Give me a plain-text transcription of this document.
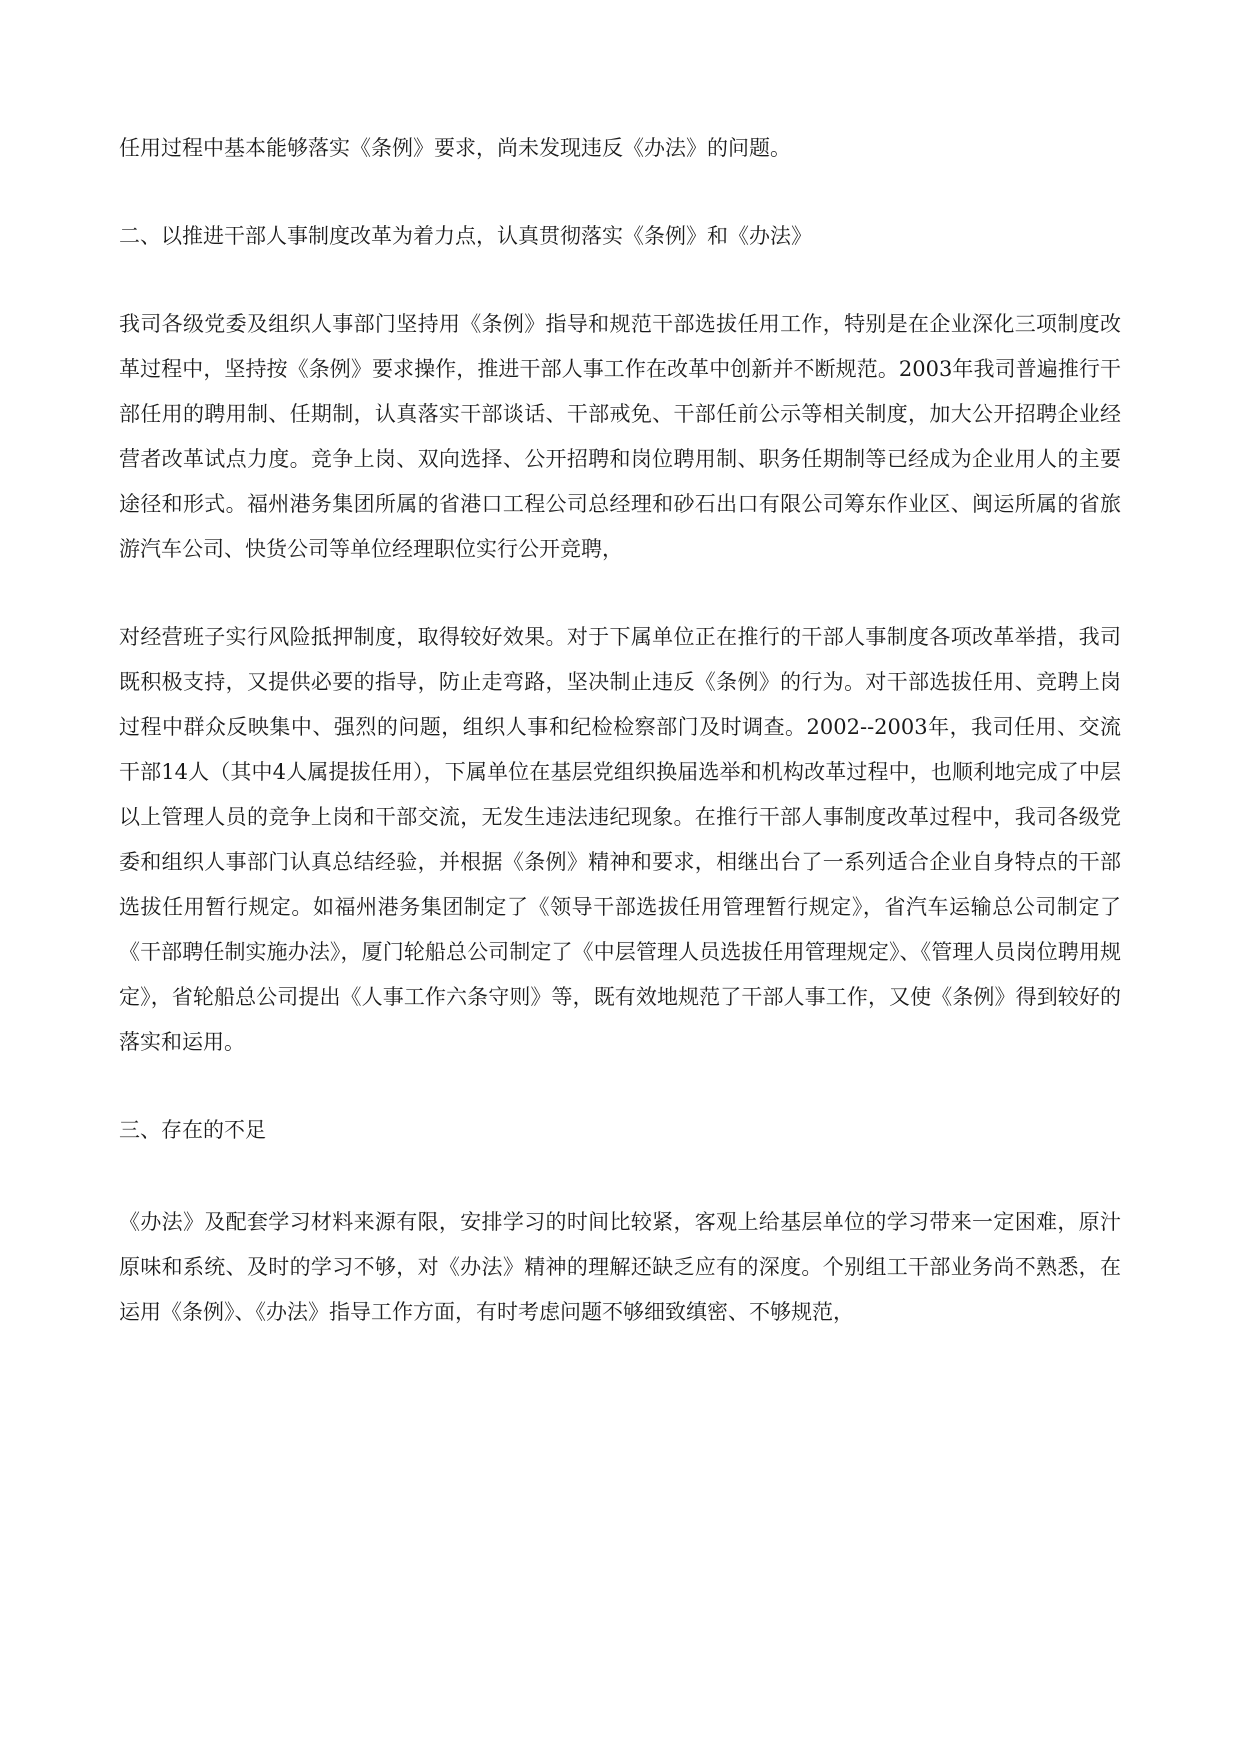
任用过程中基本能够落实《条例》要求，尚未发现违反《办法》的问题。

二、以推进干部人事制度改革为着力点，认真贯彻落实《条例》和《办法》

我司各级党委及组织人事部门坚持用《条例》指导和规范干部选拔任用工作，特别是在企业深化三项制度改革过程中，坚持按《条例》要求操作，推进干部人事工作在改革中创新并不断规范。2003年我司普遍推行干部任用的聘用制、任期制，认真落实干部谈话、干部戒免、干部任前公示等相关制度，加大公开招聘企业经营者改革试点力度。竞争上岗、双向选择、公开招聘和岗位聘用制、职务任期制等已经成为企业用人的主要途径和形式。福州港务集团所属的省港口工程公司总经理和砂石出口有限公司筹东作业区、闽运所属的省旅游汽车公司、快货公司等单位经理职位实行公开竞聘，

对经营班子实行风险抵押制度，取得较好效果。对于下属单位正在推行的干部人事制度各项改革举措，我司既积极支持，又提供必要的指导，防止走弯路，坚决制止违反《条例》的行为。对干部选拔任用、竞聘上岗过程中群众反映集中、强烈的问题，组织人事和纪检检察部门及时调查。2002--2003年，我司任用、交流干部14人（其中4人属提拔任用），下属单位在基层党组织换届选举和机构改革过程中，也顺利地完成了中层以上管理人员的竞争上岗和干部交流，无发生违法违纪现象。在推行干部人事制度改革过程中，我司各级党委和组织人事部门认真总结经验，并根据《条例》精神和要求，相继出台了一系列适合企业自身特点的干部选拔任用暂行规定。如福州港务集团制定了《领导干部选拔任用管理暂行规定》，省汽车运输总公司制定了《干部聘任制实施办法》，厦门轮船总公司制定了《中层管理人员选拔任用管理规定》、《管理人员岗位聘用规定》，省轮船总公司提出《人事工作六条守则》等，既有效地规范了干部人事工作，又使《条例》得到较好的落实和运用。

三、存在的不足

《办法》及配套学习材料来源有限，安排学习的时间比较紧，客观上给基层单位的学习带来一定困难，原汁原味和系统、及时的学习不够，对《办法》精神的理解还缺乏应有的深度。个别组工干部业务尚不熟悉，在运用《条例》、《办法》指导工作方面，有时考虑问题不够细致缜密、不够规范，
